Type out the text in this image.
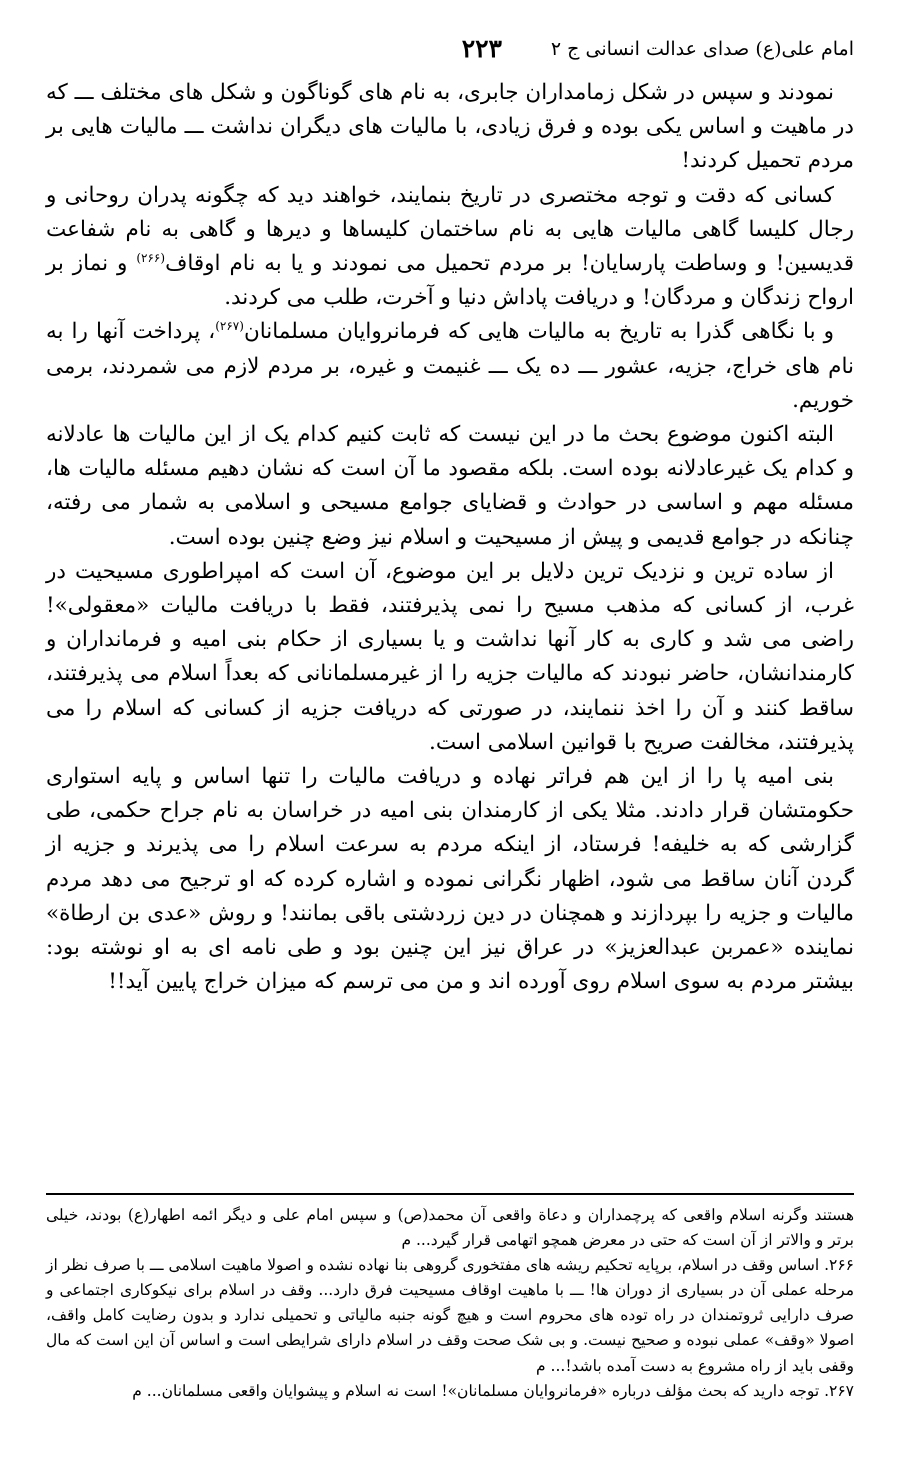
امام علی(ع) صدای عدالت انسانی ج ۲
۲۲۳

نمودند و سپس در شکل زمامداران جابری، به نام های گوناگون و شکل های مختلف ـــ که در ماهیت و اساس یکی بوده و فرق زیادی، با مالیات های دیگران نداشت ـــ مالیات هایی بر مردم تحمیل کردند!

کسانی که دقت و توجه مختصری در تاریخ بنمایند، خواهند دید که چگونه پدران روحانی و رجال کلیسا گاهی مالیات هایی به نام ساختمان کلیساها و دیرها و گاهی به نام شفاعت قدیسین! و وساطت پارسایان! بر مردم تحمیل می نمودند و یا به نام اوقاف$^{(۲۶۶)}$ و نماز بر ارواح زندگان و مردگان! و دریافت پاداش دنیا و آخرت، طلب می کردند.

و با نگاهی گذرا به تاریخ به مالیات هایی که فرمانروایان مسلمانان$^{(۲۶۷)}$، پرداخت آنها را به نام های خراج، جزیه، عشور ـــ ده یک ـــ غنیمت و غیره، بر مردم لازم می شمردند، برمی خوریم.

البته اکنون موضوع بحث ما در این نیست که ثابت کنیم کدام یک از این مالیات ها عادلانه و کدام یک غیرعادلانه بوده است. بلکه مقصود ما آن است که نشان دهیم مسئله مالیات ها، مسئله مهم و اساسی در حوادث و قضایای جوامع مسیحی و اسلامی به شمار می رفته، چنانکه در جوامع قدیمی و پیش از مسیحیت و اسلام نیز وضع چنین بوده است.

از ساده ترین و نزدیک ترین دلایل بر این موضوع، آن است که امپراطوری مسیحیت در غرب، از کسانی که مذهب مسیح را نمی پذیرفتند، فقط با دریافت مالیات «معقولی»! راضی می شد و کاری به کار آنها نداشت و یا بسیاری از حکام بنی امیه و فرمانداران و کارمندانشان، حاضر نبودند که مالیات جزیه را از غیرمسلمانانی که بعداً اسلام می پذیرفتند، ساقط کنند و آن را اخذ ننمایند، در صورتی که دریافت جزیه از کسانی که اسلام را می پذیرفتند، مخالفت صریح با قوانین اسلامی است.

بنی امیه پا را از این هم فراتر نهاده و دریافت مالیات را تنها اساس و پایه استواری حکومتشان قرار دادند. مثلا یکی از کارمندان بنی امیه در خراسان به نام جراح حکمی، طی گزارشی که به خلیفه! فرستاد، از اینکه مردم به سرعت اسلام را می پذیرند و جزیه از گردن آنان ساقط می شود، اظهار نگرانی نموده و اشاره کرده که او ترجیح می دهد مردم مالیات و جزیه را بپردازند و همچنان در دین زردشتی باقی بمانند! و روش «عدی بن ارطاة» نماینده «عمربن عبدالعزیز» در عراق نیز این چنین بود و طی نامه ای به او نوشته بود: بیشتر مردم به سوی اسلام روی آورده اند و من می ترسم که میزان خراج پایین آید!!

هستند وگرنه اسلام واقعی که پرچمداران و دعاة واقعی آن محمد(ص) و سپس امام علی و دیگر ائمه اطهار(ع) بودند، خیلی برتر و والاتر از آن است که حتی در معرض همچو اتهامی قرار گیرد... م

۲۶۶. اساس وقف در اسلام، برپایه تحکیم ریشه های مفتخوری گروهی بنا نهاده نشده و اصولا ماهیت اسلامی ـــ با صرف نظر از مرحله عملی آن در بسیاری از دوران ها! ـــ با ماهیت اوقاف مسیحیت فرق دارد... وقف در اسلام برای نیکوکاری اجتماعی و صرف دارایی ثروتمندان در راه توده های محروم است و هیچ گونه جنبه مالیاتی و تحمیلی ندارد و بدون رضایت کامل واقف، اصولا «وقف» عملی نبوده و صحیح نیست. و بی شک صحت وقف در اسلام دارای شرایطی است و اساس آن این است که مال وقفی باید از راه مشروع به دست آمده باشد!... م

۲۶۷. توجه دارید که بحث مؤلف درباره «فرمانروایان مسلمانان»! است نه اسلام و پیشوایان واقعی مسلمانان... م
